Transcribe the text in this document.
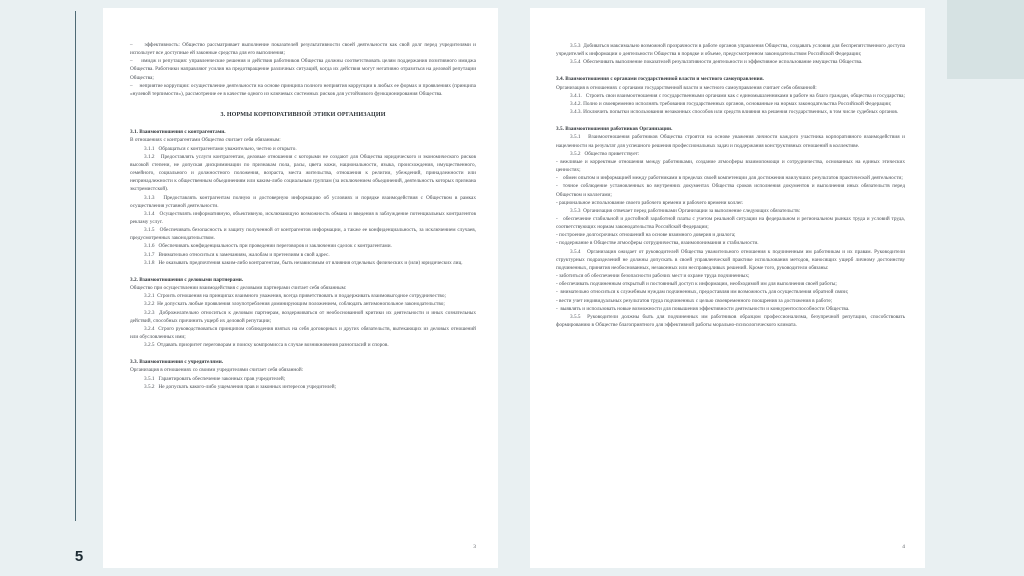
5
–     эффективность: Общество рассматривает выполнение показателей результативности своей деятельности как свой долг перед учредителями и использует все доступные ей законные средства для его выполнения;
–     имидж и репутация: управленческие решения и действия работников Общества должны соответствовать целям поддержания позитивного имиджа Общества. Работники направляют усилия на предотвращение различных ситуаций, когда их действия могут негативно отразиться на деловой репутации Общества;
–     неприятие коррупции: осуществление деятельности на основе принципа полного неприятия коррупции в любых ее формах и проявлениях (принципа «нулевой терпимости»), рассмотрение ее в качестве одного из ключевых системных рисков для устойчивого функционирования Общества.
3. НОРМЫ КОРПОРАТИВНОЙ ЭТИКИ ОРГАНИЗАЦИИ
3.1. Взаимоотношения с контрагентами.
В отношениях с контрагентами Общество считает себя обязанным:
3.1.1   Обращаться с контрагентами уважительно, честно и открыто.
3.1.2   Предоставлять услуги контрагентам, деловые отношения с которыми не создают для Общества юридического и экономического рисков высокой степени, не допуская дискриминации по признакам пола, расы, цвета кожи, национальности, языка, происхождения, имущественного, семейного, социального и должностного положения, возраста, места жительства, отношения к религии, убеждений, принадлежности или непринадлежности к общественным объединениям или каким-либо социальным группам (за исключением объединений, деятельность которых признана экстремистской).
3.1.3   Предоставлять контрагентам полную и достоверную информацию об условиях и порядке взаимодействия с Обществом в рамках осуществления уставной деятельности.
3.1.4   Осуществлять информативную, объективную, исключающую возможность обмана и введения в заблуждение потенциальных контрагентов рекламу услуг.
3.1.5   Обеспечивать безопасность и защиту полученной от контрагентов информации, а также ее конфиденциальность, за исключением случаев, предусмотренных законодательством.
3.1.6   Обеспечивать конфиденциальность при проведении переговоров и заключении сделок с контрагентами.
3.1.7   Внимательно относиться к замечаниям, жалобам и претензиям в свой адрес.
3.1.8   Не оказывать предпочтения каким-либо контрагентам, быть независимым от влияния отдельных физических и (или) юридических лиц.
3.2. Взаимоотношения с деловыми партнерами.
Общество при осуществлении взаимодействия с деловыми партнерами считает себя обязанным:
3.2.1  Строить отношения на принципах взаимного уважения, всегда приветствовать и поддерживать взаимовыгодное сотрудничество;
3.2.2  Не допускать любые проявления злоупотребления доминирующим положением, соблюдать антимонопольное законодательство;
3.2.3  Доброжелательно относиться к деловым партнерам, воздерживаться от необоснованной критики их деятельности и иных сознательных действий, способных причинить ущерб их деловой репутации;
3.2.4  Строго руководствоваться принципом соблюдения взятых на себя договорных и других обязательств, вытекающих из деловых отношений или обусловленных ими;
3.2.5  Отдавать приоритет переговорам и поиску компромисса в случае возникновения разногласий и споров.
3.3. Взаимоотношения с учредителями.
Организация в отношениях со своими учредителями считает себя обязанной:
3.5.1   Гарантировать обеспечение законных прав учредителей;
3.5.2   Не допускать какого-либо ущемления прав и законных интересов учредителей;
3
3.5.3  Добиваться максимально возможной прозрачности в работе органов управления Общества, создавать условия для беспрепятственного доступа учредителей к информации о деятельности Общества в порядке и объеме, предусмотренном законодательством Российской Федерации;
3.5.4  Обеспечивать выполнение показателей результативности деятельности и эффективное использование имущества Общества.
3.4. Взаимоотношения с органами государственной власти и местного самоуправления.
Организация в отношениях с органами государственной власти и местного самоуправления считает себя обязанной:
3.4.1.   Строить свои взаимоотношения с государственными органами как с единомышленниками в работе на благо граждан, общества и государства;
3.4.2. Полно и своевременно исполнять требования государственных органов, основанные на нормах законодательства Российской Федерации;
3.4.3. Исключить попытки использования незаконных способов или средств влияния на решения государственных, в том числе судебных органов.
3.5. Взаимоотношения работников Организации.
3.5.1   Взаимоотношения работников Общества строятся на основе уважения личности каждого участника корпоративного взаимодействия и нацеленности на результат для успешного решения профессиональных задач и поддержания конструктивных отношений в коллективе.
3.5.2   Общество приветствует:
- вежливые и корректные отношения между работниками, создание атмосферы взаимопомощи и сотрудничества, основанных на единых этических ценностях;
-    обмен опытом и информацией между работниками в пределах своей компетенции для достижения наилучших результатов практической деятельности;
-  точное соблюдение установленных во внутренних документах Общества сроков исполнения документов и выполнения иных обязательств перед Обществом и коллегами;
- рациональное использование своего рабочего времени и рабочего времени коллег.
3.5.3  Организация отвечает перед работниками Организации за выполнение следующих обязательств:
-   обеспечение стабильной и достойной заработной платы с учетом реальной ситуации на федеральном и региональном рынках труда и условий труда, соответствующих нормам законодательства Российской Федерации;
- построение долгосрочных отношений на основе взаимного доверия и диалога;
- поддержание в Обществе атмосферы сотрудничества, взаимопонимания и стабильности.
3.5.4   Организация ожидает от руководителей Общества уважительного отношения к подчиненным им работникам и их правам. Руководители структурных подразделений не должны допускать в своей управленческой практике использования методов, наносящих ущерб личному достоинству подчиненных, принятия необоснованных, незаконных или несправедливых решений. Кроме того, руководители обязаны:
- заботиться об обеспечении безопасности рабочих мест и охране труда подчиненных;
- обеспечивать подчиненным открытый и постоянный доступ к информации, необходимой им для выполнения своей работы;
-  внимательно относиться к служебным нуждам подчиненных, предоставляя им возможность для осуществления обратной связи;
- вести учет индивидуальных результатов труда подчиненных с целью своевременного поощрения за достижения в работе;
-  выявлять и использовать новые возможности для повышения эффективности деятельности и конкурентоспособности Общества.
3.5.5  Руководители должны быть для подчиненных им работников образцом профессионализма, безупречной репутации, способствовать формированию в Обществе благоприятного для эффективной работы морально-психологического климата.
4
